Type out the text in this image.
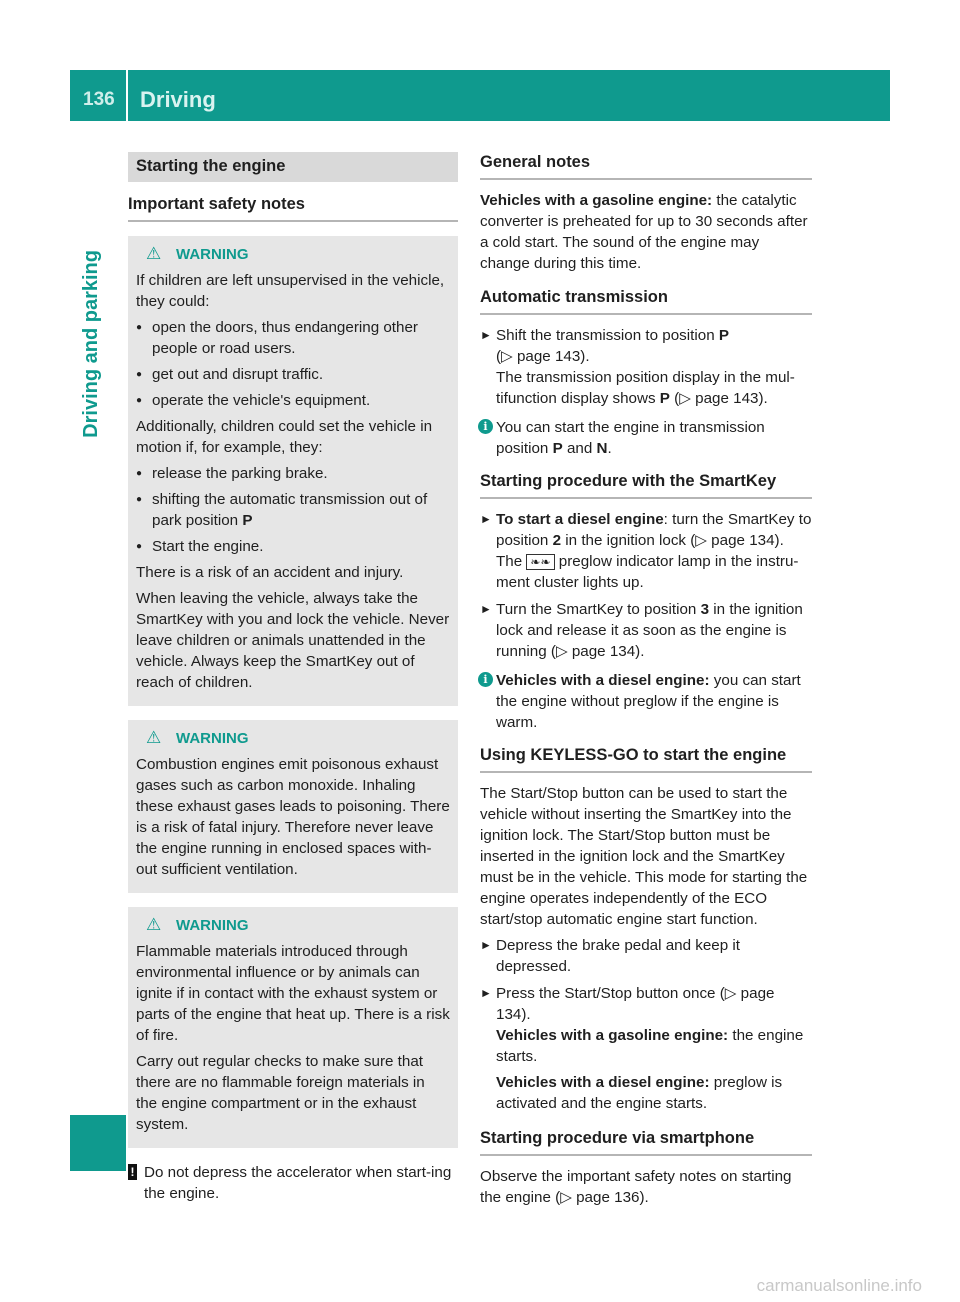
136 Driving
Driving and parking
Starting the engine
Important safety notes
⚠ WARNING

If children are left unsupervised in the vehicle, they could:

● open the doors, thus endangering other people or road users.
● get out and disrupt traffic.
● operate the vehicle's equipment.

Additionally, children could set the vehicle in motion if, for example, they:

● release the parking brake.
● shifting the automatic transmission out of park position P
● Start the engine.

There is a risk of an accident and injury.

When leaving the vehicle, always take the SmartKey with you and lock the vehicle. Never leave children or animals unattended in the vehicle. Always keep the SmartKey out of reach of children.

⚠ WARNING

Combustion engines emit poisonous exhaust gases such as carbon monoxide. Inhaling these exhaust gases leads to poisoning. There is a risk of fatal injury. Therefore never leave the engine running in enclosed spaces with-out sufficient ventilation.

⚠ WARNING

Flammable materials introduced through environmental influence or by animals can ignite if in contact with the exhaust system or parts of the engine that heat up. There is a risk of fire.

Carry out regular checks to make sure that there are no flammable foreign materials in the engine compartment or in the exhaust system.

! Do not depress the accelerator when start-ing the engine.
General notes

Vehicles with a gasoline engine: the catalytic converter is preheated for up to 30 seconds after a cold start. The sound of the engine may change during this time.

Automatic transmission
► Shift the transmission to position P
(▷ page 143).
The transmission position display in the mul-tifunction display shows P (▷ page 143).
i You can start the engine in transmission position P and N.
Starting procedure with the SmartKey
► To start a diesel engine: turn the SmartKey to position 2 in the ignition lock (▷ page 134). The ❧❧ preglow indicator lamp in the instru-ment cluster lights up.
► Turn the SmartKey to position 3 in the ignition lock and release it as soon as the engine is running (▷ page 134).
i Vehicles with a diesel engine: you can start the engine without preglow if the engine is warm.
Using KEYLESS-GO to start the engine

The Start/Stop button can be used to start the vehicle without inserting the SmartKey into the ignition lock. The Start/Stop button must be inserted in the ignition lock and the SmartKey must be in the vehicle. This mode for starting the engine operates independently of the ECO start/stop automatic engine start function.

► Depress the brake pedal and keep it depressed.
► Press the Start/Stop button once (▷ page 134).
Vehicles with a gasoline engine: the engine starts.
Vehicles with a diesel engine: preglow is activated and the engine starts.
Starting procedure via smartphone

Observe the important safety notes on starting the engine (▷ page 136).

carmanualsonline.info
